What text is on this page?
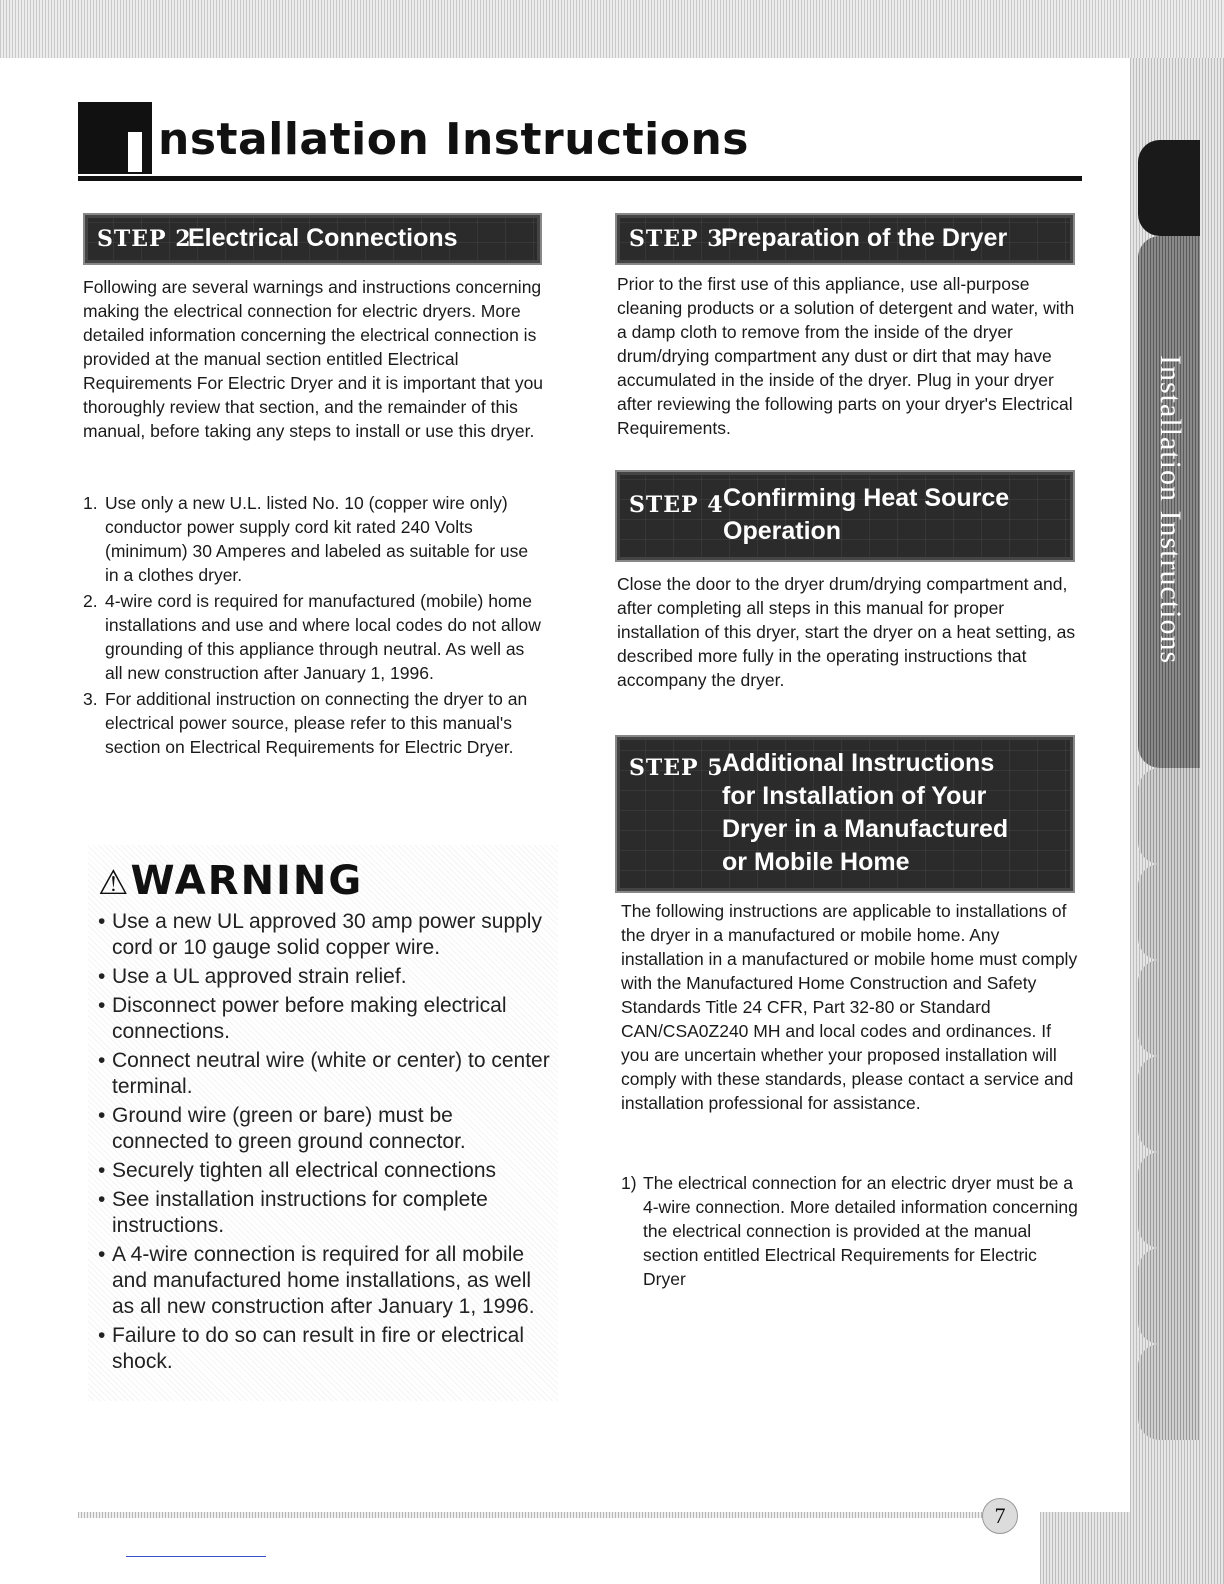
Installation Instructions
nstallation Instructions
STEP 2
Electrical Connections
Following are several warnings and instructions concerning making the electrical connection for electric dryers. More detailed information concerning the electrical connection is provided at the manual section entitled Electrical Requirements For Electric Dryer and it is important that you thoroughly review that section, and the remainder of this manual, before taking any steps to install or use this dryer.
1. Use only a new U.L. listed No. 10 (copper wire only) conductor power supply cord kit rated 240 Volts (minimum) 30 Amperes and labeled as suitable for use in a clothes dryer.
2. 4-wire cord is required for manufactured (mobile) home installations and use and where local codes do not allow grounding of this appliance through neutral. As well as all new construction after January 1, 1996.
3. For additional instruction on connecting the dryer to an electrical power source, please refer to this manual's section on Electrical Requirements for Electric Dryer.
⚠WARNING
• Use a new UL approved 30 amp power supply cord or 10 gauge solid copper wire.
• Use a UL approved strain relief.
• Disconnect power before making electrical connections.
• Connect neutral wire (white or center) to center terminal.
• Ground wire (green or bare) must be connected to green ground connector.
• Securely tighten all electrical connections
• See installation instructions for complete instructions.
• A 4-wire connection is required for all mobile and manufactured home installations, as well as all new construction after January 1, 1996.
• Failure to do so can result in fire or electrical shock.
STEP 3
Preparation of the Dryer
Prior to the first use of this appliance, use all-purpose cleaning products or a solution of detergent and water, with a damp cloth to remove from the inside of the dryer drum/drying compartment any dust or dirt that may have accumulated in the inside of the dryer. Plug in your dryer after reviewing the following parts on your dryer's Electrical Requirements.
STEP 4 Confirming Heat Source
Operation
Close the door to the dryer drum/drying compartment and, after completing all steps in this manual for proper installation of this dryer, start the dryer on a heat setting, as described more fully in the operating instructions that accompany the dryer.
STEP 5
Additional Instructions
for Installation of Your
Dryer in a Manufactured
or Mobile Home
The following instructions are applicable to installations of the dryer in a manufactured or mobile home. Any installation in a manufactured or mobile home must comply with the Manufactured Home Construction and Safety Standards Title 24 CFR, Part 32-80 or Standard CAN/CSA0Z240 MH and local codes and ordinances. If you are uncertain whether your proposed installation will comply with these standards, please contact a service and installation professional for assistance.
1) The electrical connection for an electric dryer must be a 4-wire connection. More detailed information concerning the electrical connection is provided at the manual section entitled Electrical Requirements for Electric Dryer
7
I
